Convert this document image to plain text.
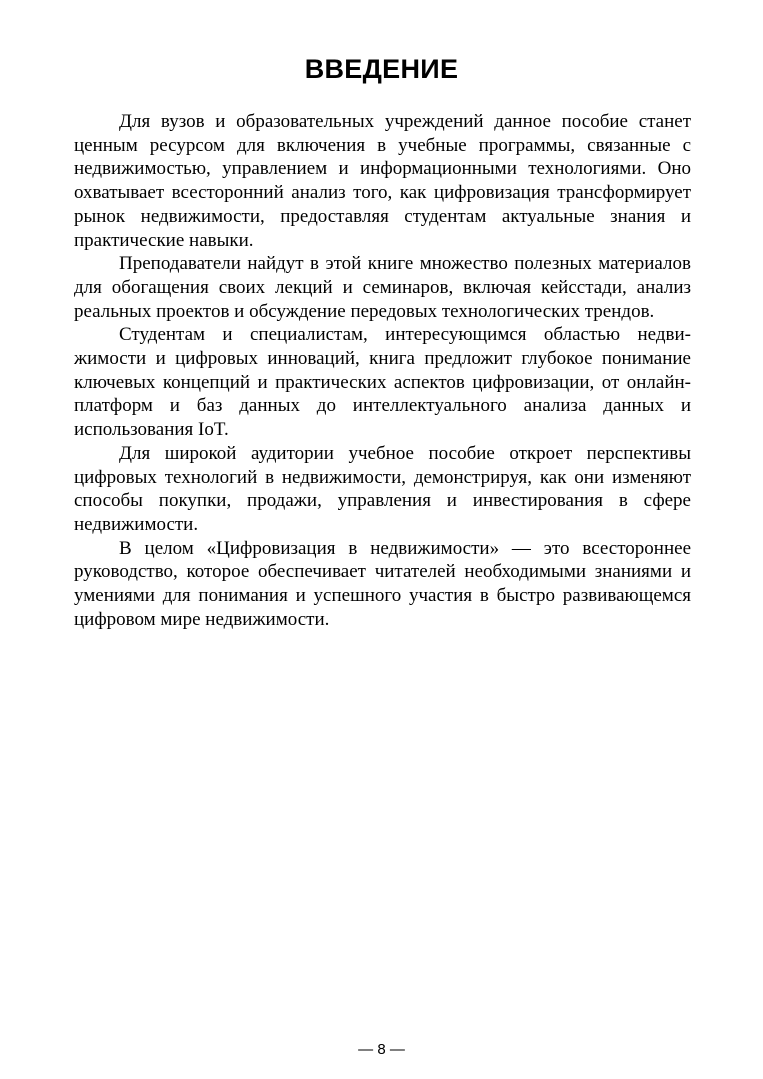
ВВЕДЕНИЕ

Для вузов и образовательных учреждений данное пособие станет ценным ресурсом для включения в учебные программы, связанные с недвижимостью, управлением и информационными технологиями. Оно охватывает всесторонний анализ того, как цифровизация трансформирует рынок недвижимости, предоставляя студентам актуальные знания и практические навыки.

Преподаватели найдут в этой книге множество полезных материалов для обогащения своих лекций и семинаров, включая кейсстади, анализ реальных проектов и обсуждение передовых технологических трендов.

Студентам и специалистам, интересующимся областью недвижимости и цифровых инноваций, книга предложит глубокое понимание ключевых концепций и практических аспектов цифровизации, от онлайн-платформ и баз данных до интеллектуального анализа данных и использования IoT.

Для широкой аудитории учебное пособие откроет перспективы цифровых технологий в недвижимости, демонстрируя, как они изменяют способы покупки, продажи, управления и инвестирования в сфере недвижимости.

В целом «Цифровизация в недвижимости» — это всестороннее руководство, которое обеспечивает читателей необходимыми знаниями и умениями для понимания и успешного участия в быстро развивающемся цифровом мире недвижимости.

— 8 —
